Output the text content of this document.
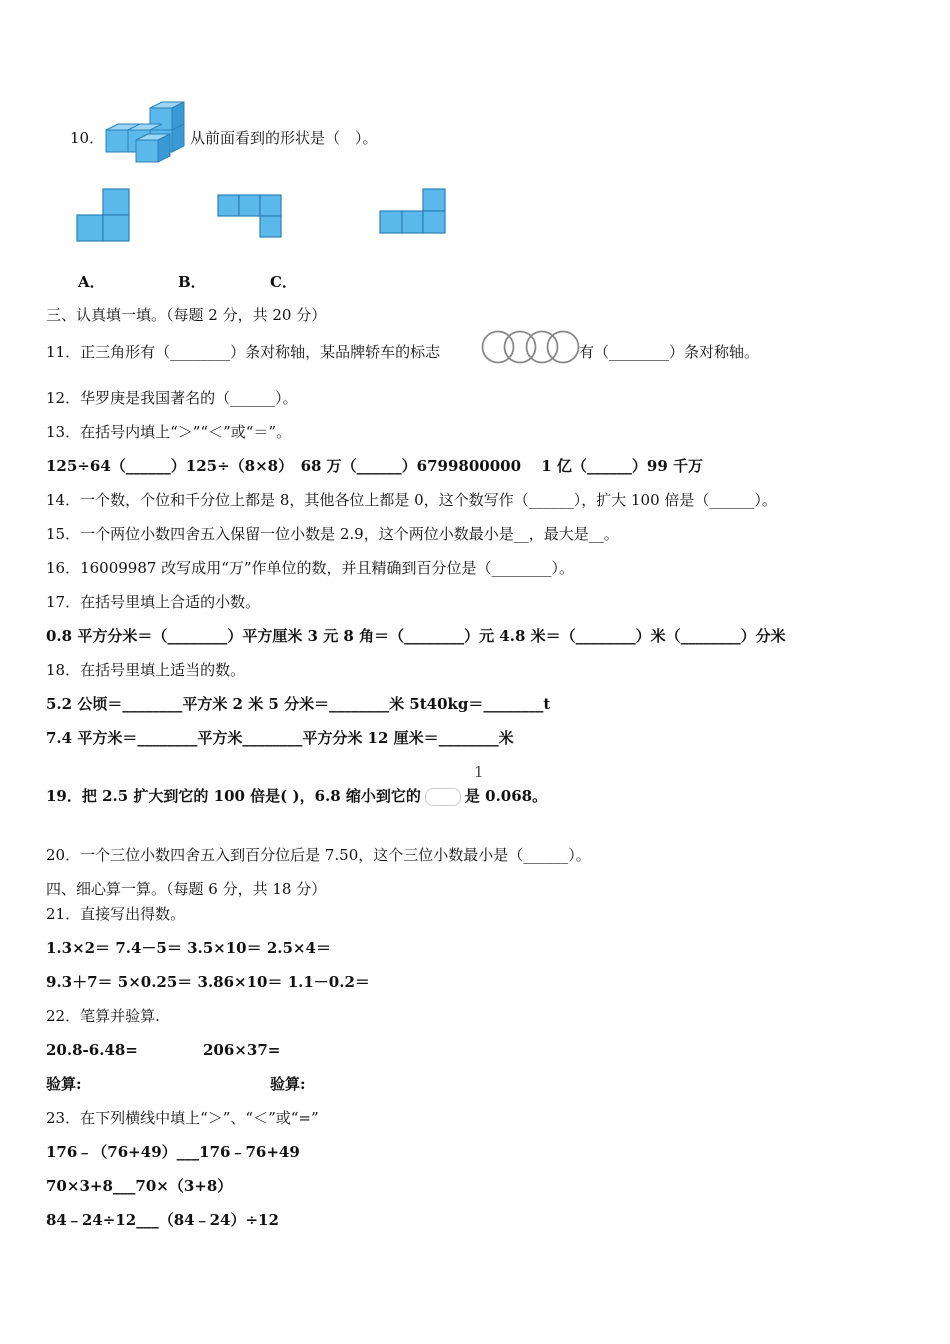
10．	从前面看到的形状是（　）。
A．	B．	C．
三、认真填一填。（每题 2 分，共 20 分）
11．正三角形有（________）条对称轴，某品牌轿车的标志	有（________）条对称轴。
12．华罗庚是我国著名的（______）。
13．在括号内填上“＞”“＜”或“＝”。
125÷64（______）125÷（8×8）　68 万（______）6799800000　 1 亿（______）99 千万
14．一个数，个位和千分位上都是 8，其他各位上都是 0，这个数写作（______），扩大 100 倍是（______）。
15．一个两位小数四舍五入保留一位小数是 2.9，这个两位小数最小是__，最大是__。
16．16009987 改写成用“万”作单位的数，并且精确到百分位是（________）。
17．在括号里填上合适的小数。
0.8 平方分米＝（________）平方厘米 3 元 8 角＝（________）元 4.8 米＝（________）米（________）分米
18．在括号里填上适当的数。
5.2 公顷＝________平方米 2 米 5 分米＝________米 5t40kg＝________t
7.4 平方米＝________平方米________平方分米 12 厘米＝________米
1
19．把 2.5 扩大到它的 100 倍是( )，6.8 缩小到它的	是 0.068。
20．一个三位小数四舍五入到百分位后是 7.50，这个三位小数最小是（______）。
四、细心算一算。（每题 6 分，共 18 分）
21．直接写出得数。
1.3×2＝ 7.4－5＝ 3.5×10＝ 2.5×4＝
9.3＋7＝ 5×0.25＝ 3.86×10＝ 1.1－0.2＝
22．笔算并验算.
20.8-6.48=	206×37=
验算:	验算:
23．在下列横线中填上“＞”、“＜”或“=”
176﹣（76+49）___176﹣76+49
70×3+8___70×（3+8）
84﹣24÷12___（84﹣24）÷12
